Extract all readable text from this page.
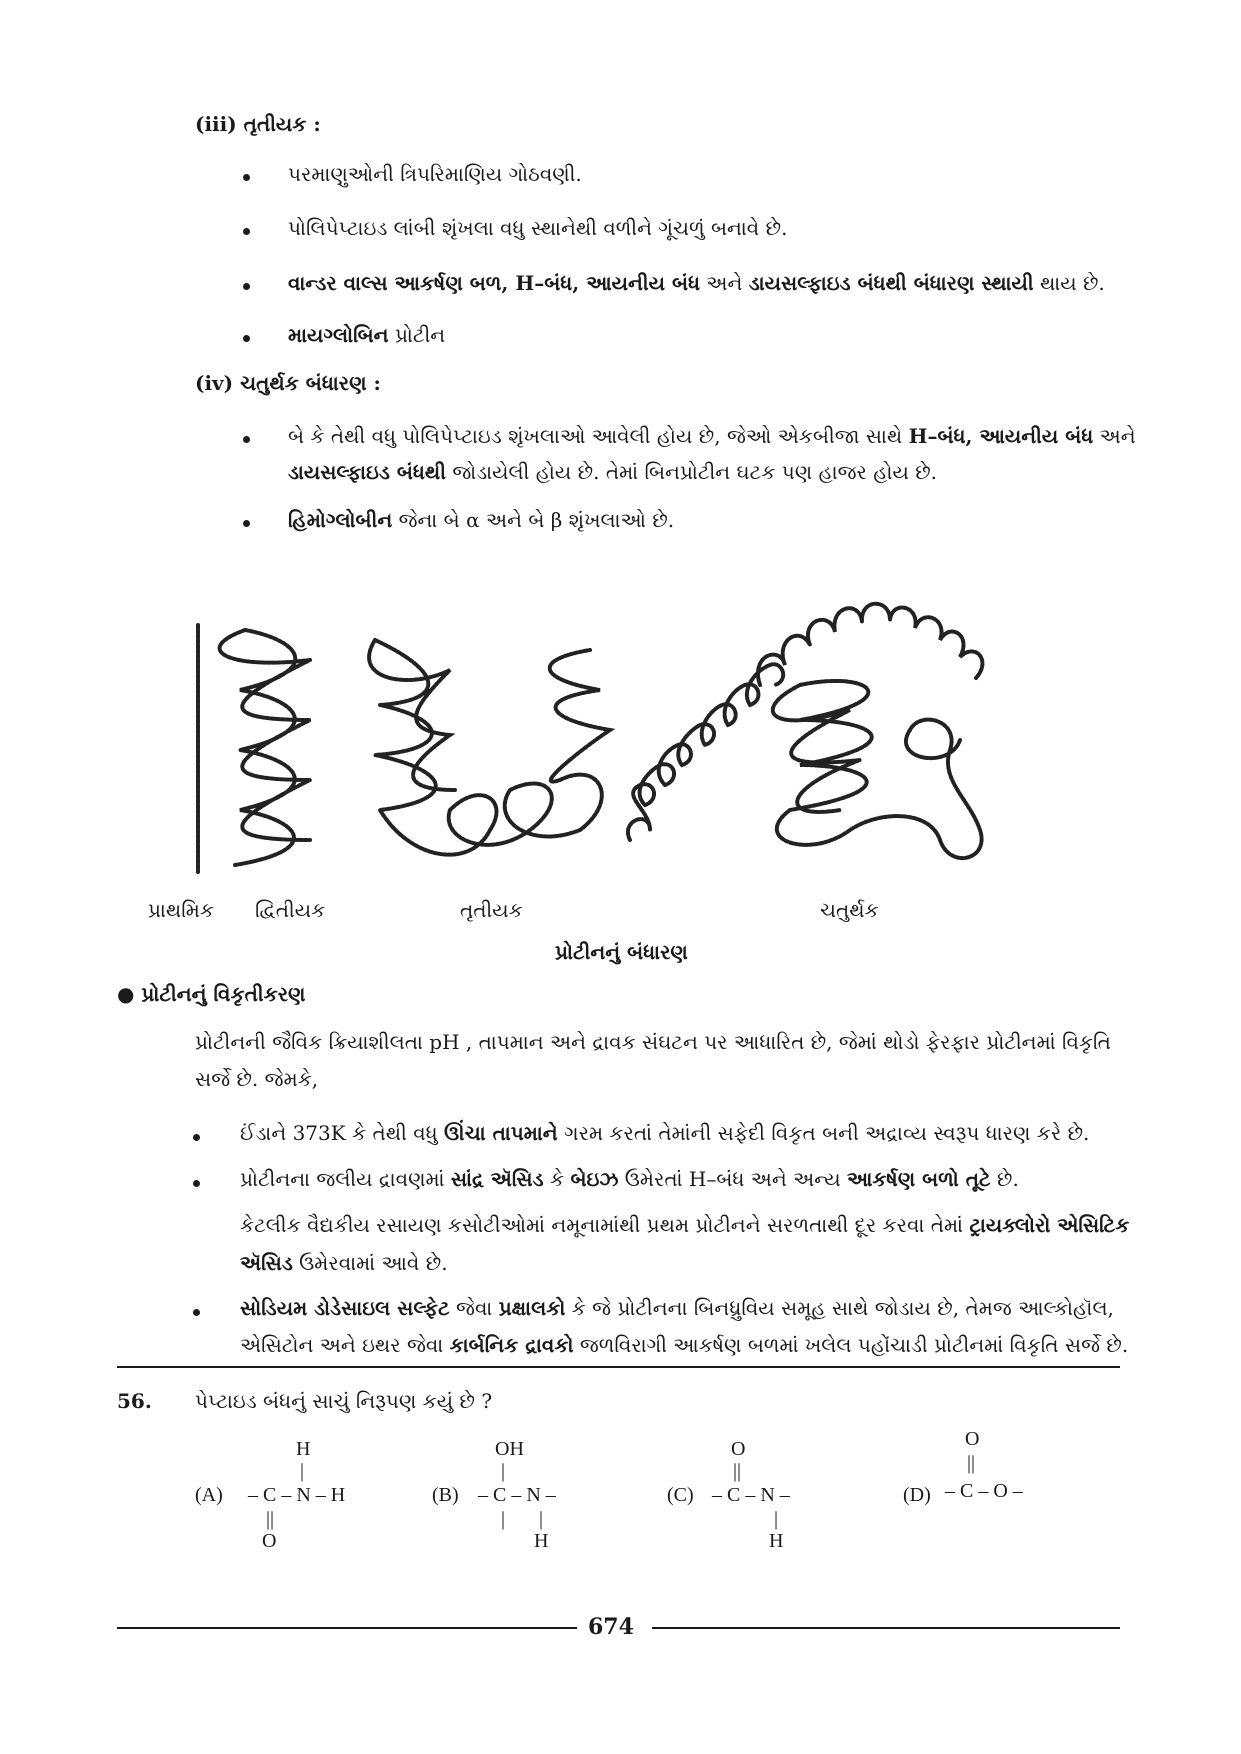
(iii) તૃતીયક :
પરમાણુઓની ત્રિપરિમાણિય ગોઠવણી.
પોલિપેપ્ટાઇડ લાંબી શૃંખલા વધુ સ્થાનેથી વળીને ગૂંચળું બનાવે છે.
વાન્ડર વાલ્સ આકર્ષણ બળ, H–બંધ, આયનીય બંધ અને ડાયસલ્ફાઇડ બંધથી બંધારણ સ્થાયી થાય છે.
માયગ્લોબિન પ્રોટીન
(iv) ચતુર્થક બંધારણ :
બે કે તેથી વધુ પોલિપેપ્ટાઇડ શૃંખલાઓ આવેલી હોય છે, જેઓ એકબીજા સાથે H–બંધ, આયનીય બંધ અને
ડાયસલ્ફાઇડ બંધથી જોડાયેલી હોય છે. તેમાં બિનપ્રોટીન ઘટક પણ હાજર હોય છે.
હિમોગ્લોબીન જેના બે α અને બે β શૃંખલાઓ છે.
પ્રાથમિક દ્વિતીયક	તૃતીયક	ચતુર્થક
પ્રોટીનનું બંધારણ
● પ્રોટીનનું વિકૃતીકરણ
પ્રોટીનની જૈવિક ક્રિયાશીલતા pH , તાપમાન અને દ્રાવક સંઘટન પર આધારિત છે, જેમાં થોડો ફેરફાર પ્રોટીનમાં વિકૃતિ
સર્જે છે. જેમકે,
ઈંડાને 373K કે તેથી વધુ ઊંચા તાપમાને ગરમ કરતાં તેમાંની સફેદી વિકૃત બની અદ્રાવ્ય સ્વરૂપ ધારણ કરે છે.
પ્રોટીનના જલીય દ્રાવણમાં સાંદ્ર ઍસિડ કે બેઇઝ ઉમેરતાં H–બંધ અને અન્ય આકર્ષણ બળો તૂટે છે.
કેટલીક વૈદ્યકીય રસાયણ કસોટીઓમાં નમૂનામાંથી પ્રથમ પ્રોટીનને સરળતાથી દૂર કરવા તેમાં ટ્રાયક્લોરો એસિટિક
ઍસિડ ઉમેરવામાં આવે છે.
સોડિયમ ડોડેસાઇલ સલ્ફેટ જેવા પ્રક્ષાલકો કે જે પ્રોટીનના બિનધ્રુવિય સમૂહ સાથે જોડાય છે, તેમજ આલ્કોહૉલ,
એસિટોન અને ઇથર જેવા કાર્બનિક દ્રાવકો જળવિરાગી આકર્ષણ બળમાં ખલેલ પહોંચાડી પ્રોટીનમાં વિકૃતિ સર્જે છે.
56. પેપ્ટાઇડ બંધનું સાચું નિરૂપણ કયું છે ?
(A)
H
|
– C – N – H
||
O
(B)
OH
|
– C – N –
| |
H
(C)
O
||
– C – N –
|
H
(D)
O
||
– C – O –
674
